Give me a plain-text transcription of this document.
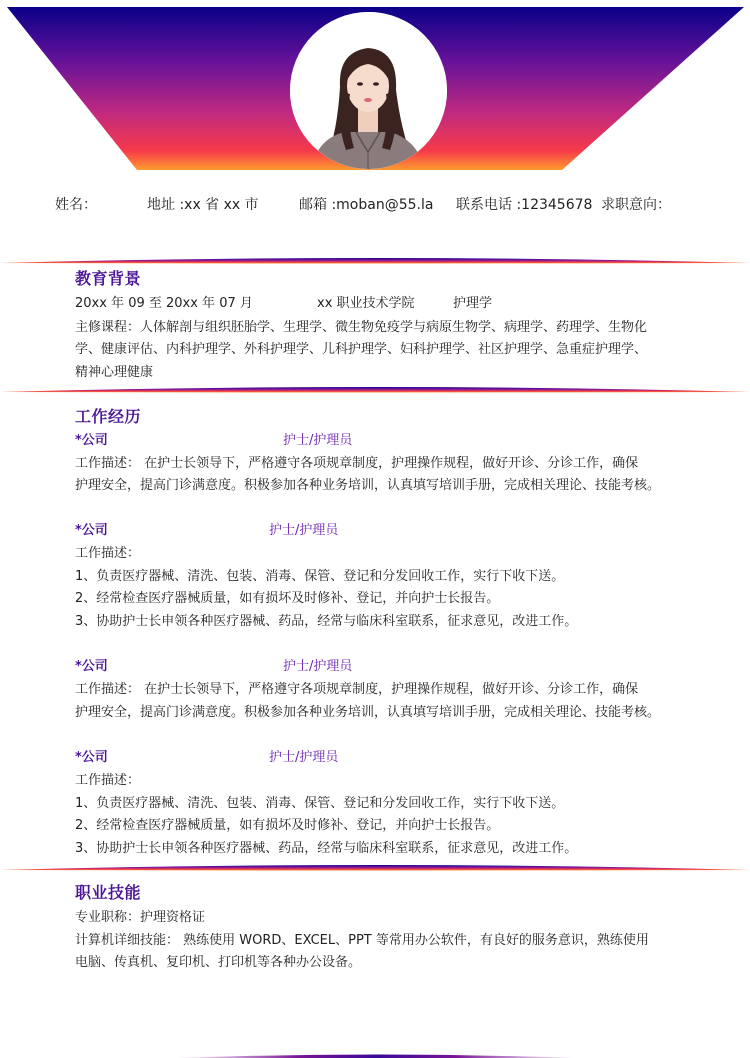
姓名：	地址 :xx 省 xx 市	邮箱 :moban@55.la 联系电话 :12345678 求职意向：
教育背景
20xx 年 09 至 20xx 年 07 月	xx 职业技术学院	护理学
主修课程：人体解剖与组织胚胎学、生理学、微生物免疫学与病原生物学、病理学、药理学、生物化
学、健康评估、内科护理学、外科护理学、儿科护理学、妇科护理学、社区护理学、急重症护理学、
精神心理健康
工作经历
*公司	护士/护理员
工作描述： 在护士长领导下，严格遵守各项规章制度，护理操作规程，做好开诊、分诊工作，确保
护理安全，提高门诊满意度。积极参加各种业务培训，认真填写培训手册，完成相关理论、技能考核。
*公司	护士/护理员
工作描述：
1、负责医疗器械、清洗、包装、消毒、保管、登记和分发回收工作，实行下收下送。
2、经常检查医疗器械质量，如有损坏及时修补、登记，并向护士长报告。
3、协助护士长申领各种医疗器械、药品，经常与临床科室联系，征求意见，改进工作。
*公司	护士/护理员
工作描述： 在护士长领导下，严格遵守各项规章制度，护理操作规程，做好开诊、分诊工作，确保
护理安全，提高门诊满意度。积极参加各种业务培训，认真填写培训手册，完成相关理论、技能考核。
*公司	护士/护理员
工作描述：
1、负责医疗器械、清洗、包装、消毒、保管、登记和分发回收工作，实行下收下送。
2、经常检查医疗器械质量，如有损坏及时修补、登记，并向护士长报告。
3、协助护士长申领各种医疗器械、药品，经常与临床科室联系，征求意见，改进工作。
职业技能
专业职称：护理资格证
计算机详细技能： 熟练使用 WORD、EXCEL、PPT 等常用办公软件，有良好的服务意识，熟练使用
电脑、传真机、复印机、打印机等各种办公设备。
